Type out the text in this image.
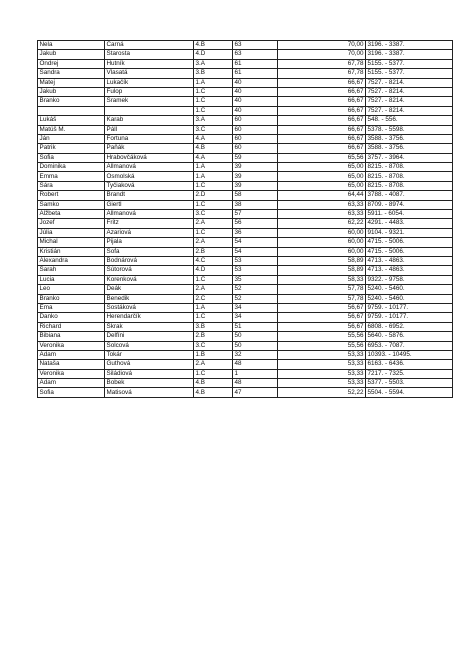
Nela	Čarná	4.B	63	70,00	3196. - 3387.
Jakub	Starosta	4.D	63	70,00	3196. - 3387.
Ondrej	Hutník	3.A	61	67,78	5155. - 5377.
Sandra	Vlasatá	3.B	61	67,78	5155. - 5377.
Matej	Lukačík	1.A	40	66,67	7527. - 8214.
Jakub	Fulop	1.C	40	66,67	7527. - 8214.
Branko	Šramek	1.C	40	66,67	7527. - 8214.
		1.C	40	66,67	7527. - 8214.
Lukáš	Karab	3.A	60	66,67	548. - 556.
Matúš M.	Páll	3.C	60	66,67	5378. - 5598.
Ján	Fortuna	4.A	60	66,67	3588. - 3756.
Patrik	Paňák	4.B	60	66,67	3588. - 3756.
Sofia	Hrabovčáková	4.A	59	65,56	3757. - 3964.
Dominika	Allmanová	1.A	39	65,00	8215. - 8708.
Emma	Osmolská	1.A	39	65,00	8215. - 8708.
Sára	Tyčiaková	1.C	39	65,00	8215. - 8708.
Robert	Brandt	2.D	58	64,44	3788. - 4087.
Samko	Giertl	1.C	38	63,33	8709. - 8974.
Alžbeta	Allmanová	3.C	57	63,33	5911. - 6054.
Jozef	Fritz	2.A	56	62,22	4291. - 4483.
Júlia	Azariová	1.C	36	60,00	9104. - 9321.
Michal	Pijala	2.A	54	60,00	4715. - 5006.
Kristián	Šofa	2.B	54	60,00	4715. - 5006.
Alexandra	Bodnárová	4.C	53	58,89	4713. - 4863.
Sarah	Šútorová	4.D	53	58,89	4713. - 4863.
Lucia	Korenková	1.C	35	58,33	9322. - 9758.
Leo	Deák	2.A	52	57,78	5240. - 5460.
Branko	Benedik	2.C	52	57,78	5240. - 5460.
Ema	Šostáková	1.A	34	56,67	9759. - 10177.
Danko	Herendarčík	1.C	34	56,67	9759. - 10177.
Richard	Škrak	3.B	51	56,67	6808. - 6952.
Bibiana	Delfíni	2.B	50	55,56	5640. - 5876.
Veronika	Šolcová	3.C	50	55,56	6953. - 7087.
Adam	Tokár	1.B	32	53,33	10393. - 10495.
Nataša	Guthová	2.A	48	53,33	6163. - 6436.
Veronika	Siládiová	1.C	1	53,33	7217. - 7325.
Adam	Bobek	4.B	48	53,33	5377. - 5503.
Sofia	Matisová	4.B	47	52,22	5504. - 5594.
